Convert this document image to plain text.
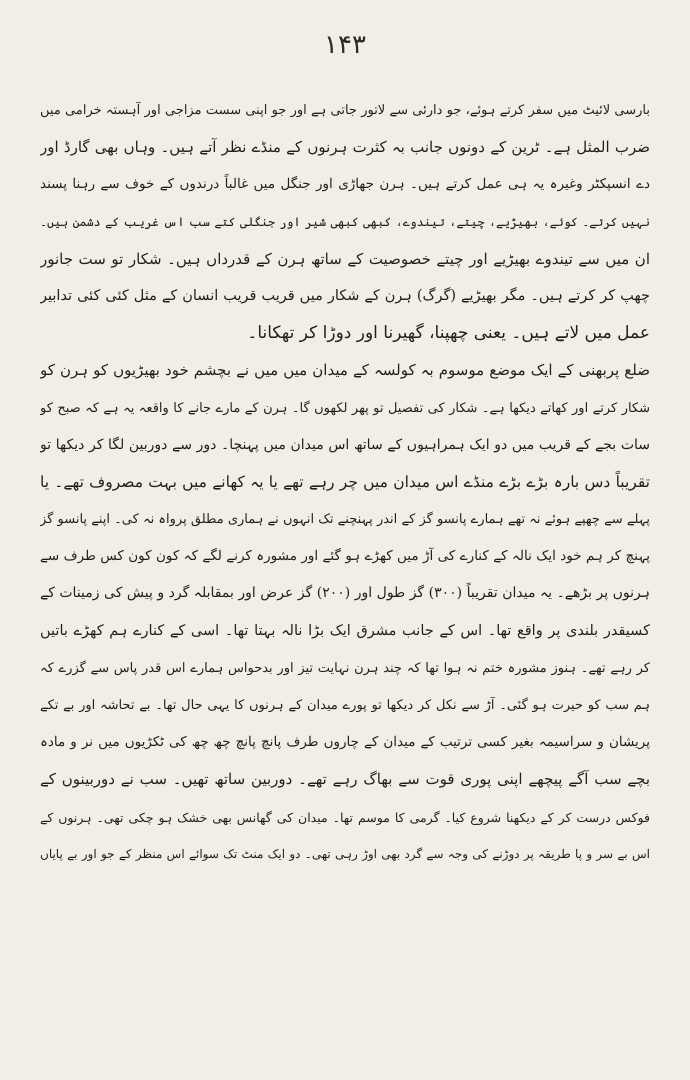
۱۴۳
بارسی لائیٹ میں سفر کرتے ہوئے، جو دارئی سے لاتور جاتی ہے اور جو اپنی سست مزاجی اور آہستہ خرامی میں
ضرب المثل ہے۔ ٹرین کے دونوں جانب بہ کثرت ہرنوں کے منڈے نظر آتے ہیں۔ وہاں بھی گارڈ اور
دے انسپکٹر وغیرہ یہ ہی عمل کرتے ہیں۔ ہرن جھاڑی اور جنگل میں غالباً درندوں کے خوف سے رہنا پسند
نہیں کرتے۔ کوئے، بھیڑیے، چیتے، تیندوے، کبھی کبھی شیر اور جنگلی کتے سب اس غریب کے دشمن ہیں۔
ان میں سے تیندوے بھیڑیے اور چیتے خصوصیت کے ساتھ ہرن کے قدرداں ہیں۔ شکار تو ست جانور
چھپ کر کرتے ہیں۔ مگر بھیڑیے (گرگ) ہرن کے شکار میں قریب قریب انسان کے مثل کئی کئی تدابیر
عمل میں لاتے ہیں۔ یعنی چھپنا، گھیرنا اور دوڑا کر تھکانا۔
ضلع پربھنی کے ایک موضع موسوم بہ کولسہ کے میدان میں میں نے بچشم خود بھیڑیوں کو ہرن کو
شکار کرتے اور کھاتے دیکھا ہے۔ شکار کی تفصیل تو پھر لکھوں گا۔ ہرن کے مارے جانے کا واقعہ یہ ہے کہ صبح کو
سات بجے کے قریب میں دو ایک ہمراہیوں کے ساتھ اس میدان میں پہنچا۔ دور سے دوربین لگا کر دیکھا تو
تقریباً دس بارہ بڑے بڑے منڈے اس میدان میں چر رہے تھے یا یہ کھانے میں بہت مصروف تھے۔ یا
پہلے سے چھپے ہوئے نہ تھے ہمارے پانسو گز کے اندر پہنچنے تک انہوں نے ہماری مطلق پرواہ نہ کی۔ اپنے پانسو گز
پہنچ کر ہم خود ایک نالہ کے کنارے کی آڑ میں کھڑے ہو گئے اور مشورہ کرنے لگے کہ کون کون کس طرف سے
ہرنوں پر بڑھے۔ یہ میدان تقریباً (۳۰۰) گز طول اور (۲۰۰) گز عرض اور بمقابلہ گرد و پیش کی زمینات کے
کسیقدر بلندی پر واقع تھا۔ اس کے جانب مشرق ایک بڑا نالہ بہتا تھا۔ اسی کے کنارے ہم کھڑے باتیں
کر رہے تھے۔ ہنوز مشورہ ختم نہ ہوا تھا کہ چند ہرن نہایت تیز اور بدحواس ہمارے اس قدر پاس سے گزرے کہ
ہم سب کو حیرت ہو گئی۔ آڑ سے نکل کر دیکھا تو پورے میدان کے ہرنوں کا یہی حال تھا۔ بے تحاشہ اور بے تکے
پریشان و سراسیمہ بغیر کسی ترتیب کے میدان کے چاروں طرف پانچ پانچ چھ چھ کی ٹکڑیوں میں نر و مادہ
بچے سب آگے پیچھے اپنی پوری قوت سے بھاگ رہے تھے۔ دوربین ساتھ تھیں۔ سب نے دوربینوں کے
فوکس درست کر کے دیکھنا شروع کیا۔ گرمی کا موسم تھا۔ میدان کی گھانس بھی خشک ہو چکی تھی۔ ہرنوں کے
اس بے سر و پا طریقہ پر دوڑنے کی وجہ سے گرد بھی اوڑ رہی تھی۔ دو ایک منٹ تک سوائے اس منظر کے جو اور بے پایاں
